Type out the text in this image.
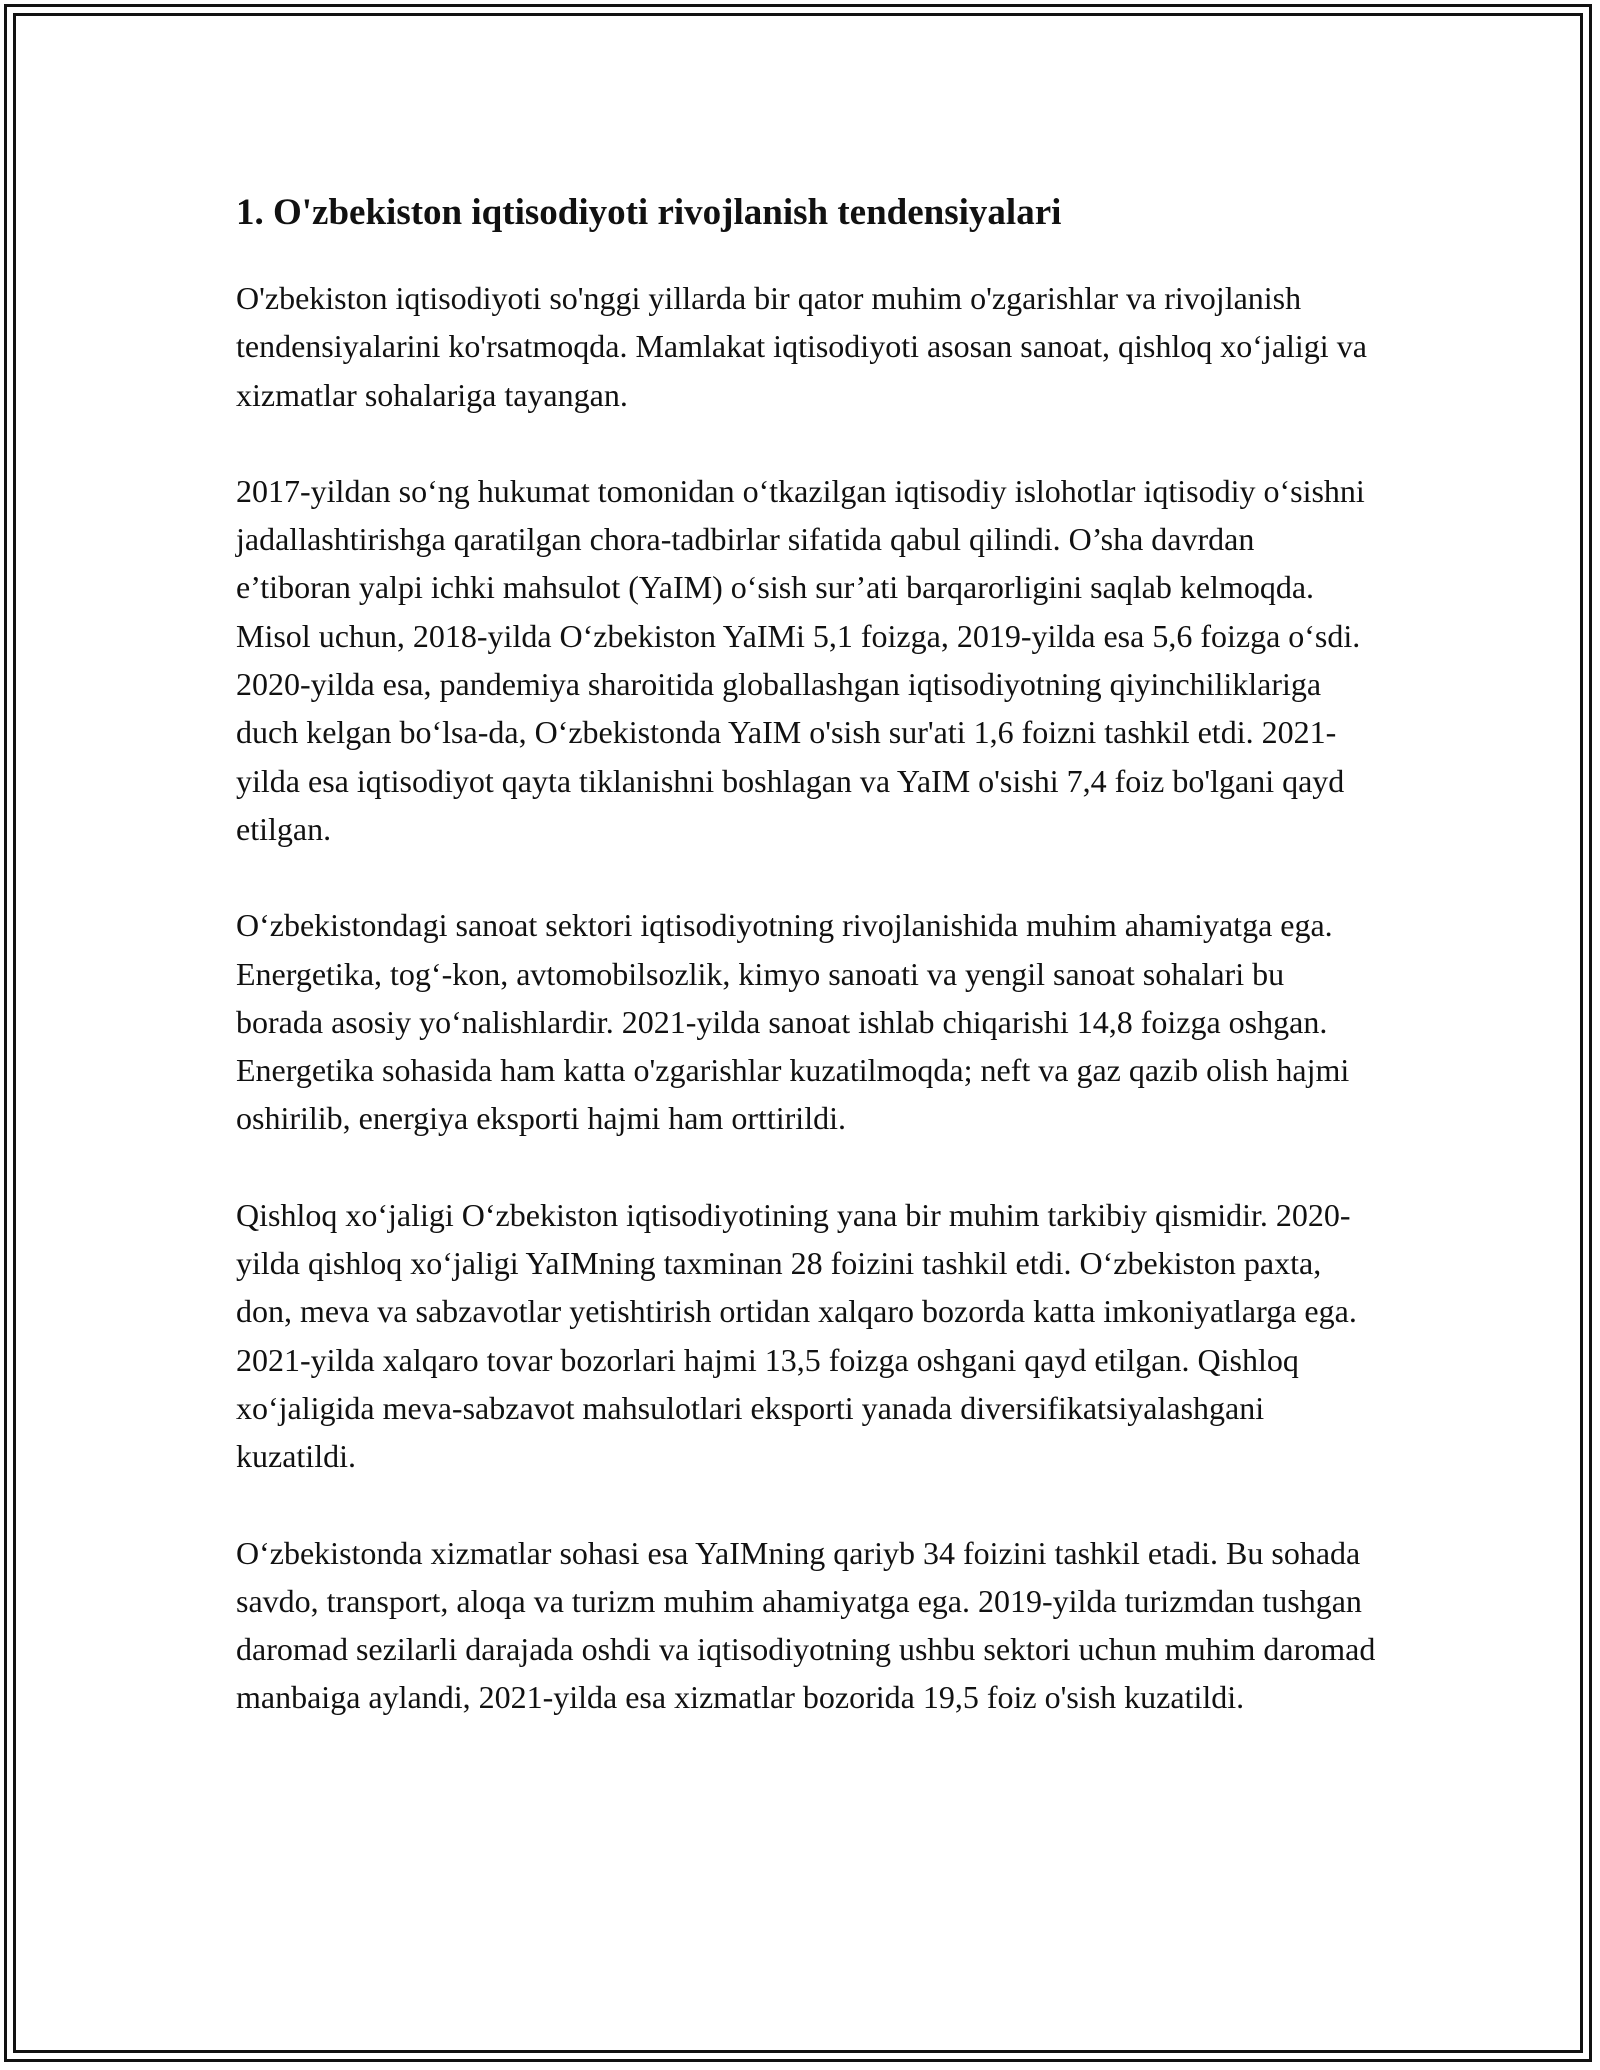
1. O'zbekiston iqtisodiyoti rivojlanish tendensiyalari

O'zbekiston iqtisodiyoti so'nggi yillarda bir qator muhim o'zgarishlar va rivojlanish tendensiyalarini ko'rsatmoqda. Mamlakat iqtisodiyoti asosan sanoat, qishloq xo‘jaligi va xizmatlar sohalariga tayangan.

2017-yildan so‘ng hukumat tomonidan o‘tkazilgan iqtisodiy islohotlar iqtisodiy o‘sishni jadallashtirishga qaratilgan chora-tadbirlar sifatida qabul qilindi. O’sha davrdan e’tiboran yalpi ichki mahsulot (YaIM) o‘sish sur’ati barqarorligini saqlab kelmoqda. Misol uchun, 2018-yilda O‘zbekiston YaIMi 5,1 foizga, 2019-yilda esa 5,6 foizga o‘sdi. 2020-yilda esa, pandemiya sharoitida globallashgan iqtisodiyotning qiyinchiliklariga duch kelgan bo‘lsa-da, O‘zbekistonda YaIM o'sish sur'ati 1,6 foizni tashkil etdi. 2021-yilda esa iqtisodiyot qayta tiklanishni boshlagan va YaIM o'sishi 7,4 foiz bo'lgani qayd etilgan.

O‘zbekistondagi sanoat sektori iqtisodiyotning rivojlanishida muhim ahamiyatga ega. Energetika, tog‘-kon, avtomobilsozlik, kimyo sanoati va yengil sanoat sohalari bu borada asosiy yo‘nalishlardir. 2021-yilda sanoat ishlab chiqarishi 14,8 foizga oshgan. Energetika sohasida ham katta o'zgarishlar kuzatilmoqda; neft va gaz qazib olish hajmi oshirilib, energiya eksporti hajmi ham orttirildi.

Qishloq xo‘jaligi O‘zbekiston iqtisodiyotining yana bir muhim tarkibiy qismidir. 2020-yilda qishloq xo‘jaligi YaIMning taxminan 28 foizini tashkil etdi. O‘zbekiston paxta, don, meva va sabzavotlar yetishtirish ortidan xalqaro bozorda katta imkoniyatlarga ega. 2021-yilda xalqaro tovar bozorlari hajmi 13,5 foizga oshgani qayd etilgan. Qishloq xo‘jaligida meva-sabzavot mahsulotlari eksporti yanada diversifikatsiyalashgani kuzatildi.

O‘zbekistonda xizmatlar sohasi esa YaIMning qariyb 34 foizini tashkil etadi. Bu sohada savdo, transport, aloqa va turizm muhim ahamiyatga ega. 2019-yilda turizmdan tushgan daromad sezilarli darajada oshdi va iqtisodiyotning ushbu sektori uchun muhim daromad manbaiga aylandi, 2021-yilda esa xizmatlar bozorida 19,5 foiz o'sish kuzatildi.
